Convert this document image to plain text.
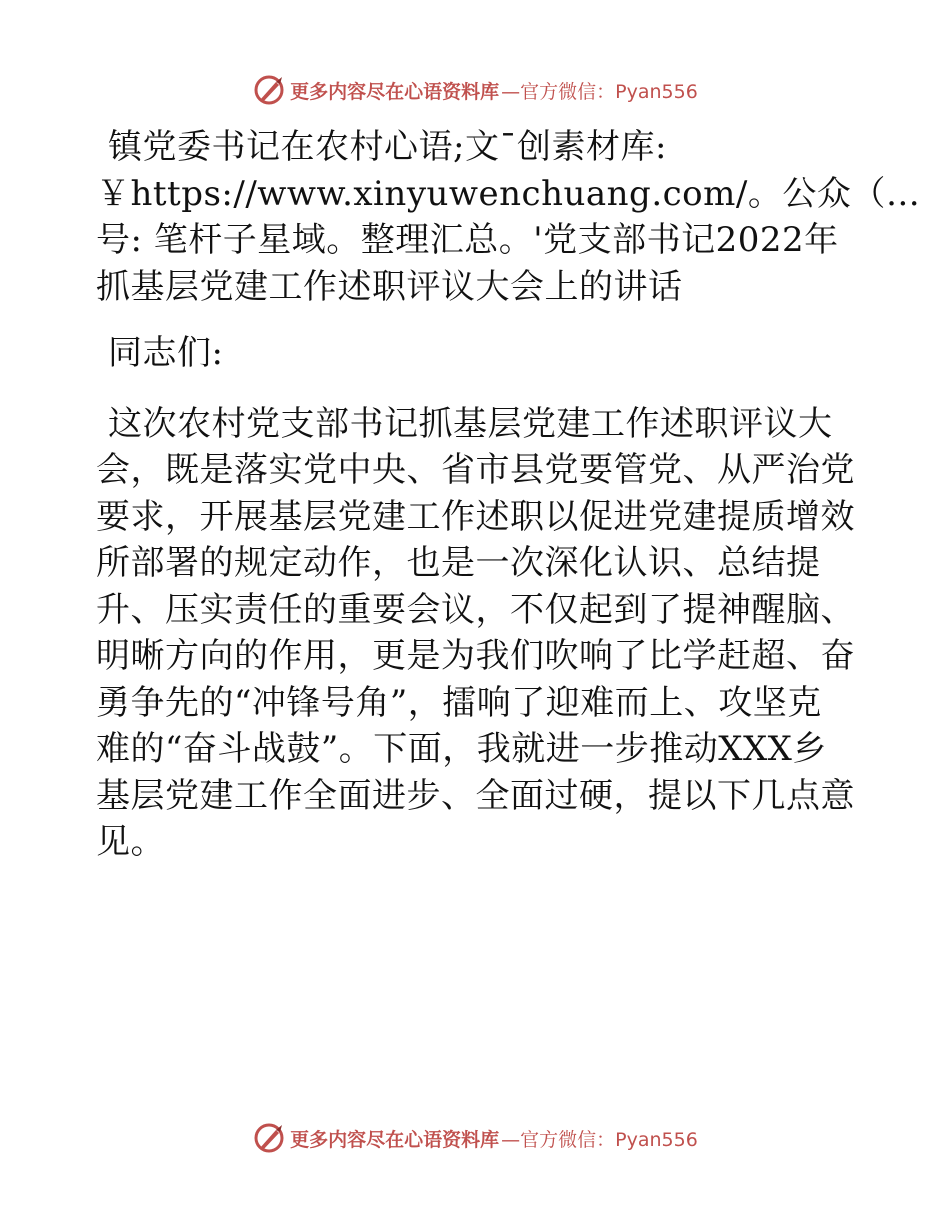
更多内容尽在心语资料库 —官方微信：Pyan556

镇党委书记在农村心语;文¯创素材库:

￥https://www.xinyuwenchuang.com/。公众（…

号: 笔杆子星域。整理汇总。'党支部书记2022年

抓基层党建工作述职评议大会上的讲话

同志们:

这次农村党支部书记抓基层党建工作述职评议大

会，既是落实党中央、省市县党要管党、从严治党

要求，开展基层党建工作述职以促进党建提质增效

所部署的规定动作，也是一次深化认识、总结提

升、压实责任的重要会议，不仅起到了提神醒脑、

明晰方向的作用，更是为我们吹响了比学赶超、奋

勇争先的“冲锋号角”，擂响了迎难而上、攻坚克

难的“奋斗战鼓”。下面，我就进一步推动XXX乡

基层党建工作全面进步、全面过硬，提以下几点意

见。

更多内容尽在心语资料库 —官方微信：Pyan556
